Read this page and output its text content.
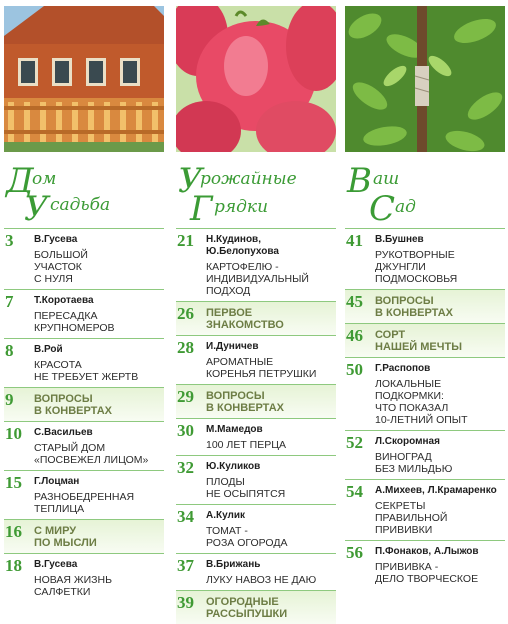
Д
ом
У садьба
3 В.Гусева
БОЛЬШОЙ
УЧАСТОК
С НУЛЯ
7 Т.Коротаева
ПЕРЕСАДКА
КРУПНОМЕРОВ
8 В.Рой
КРАСОТА
НЕ ТРЕБУЕТ ЖЕРТВ
9 ВОПРОСЫ
В КОНВЕРТАХ
10 С.Васильев
СТАРЫЙ ДОМ
«ПОСВЕЖЕЛ ЛИЦОМ»
15 Г.Лоцман
РАЗНОБЕДРЕННАЯ
ТЕПЛИЦА
16 С МИРУ
ПО МЫСЛИ
18 В.Гусева
НОВАЯ ЖИЗНЬ
САЛФЕТКИ
У
рожайные
Г рядки
21 Н.Кудинов, Ю.Белопухова
КАРТОФЕЛЮ -
ИНДИВИДУАЛЬНЫЙ
ПОДХОД
26 ПЕРВОЕ
ЗНАКОМСТВО
28 И.Дуничев
АРОМАТНЫЕ
КОРЕНЬЯ ПЕТРУШКИ
29 ВОПРОСЫ
В КОНВЕРТАХ
30 М.Мамедов
100 ЛЕТ ПЕРЦА
32 Ю.Куликов
ПЛОДЫ
НЕ ОСЫПЯТСЯ
34 А.Кулик
ТОМАТ -
РОЗА ОГОРОДА
37 В.Брижань
ЛУКУ НАВОЗ НЕ ДАЮ
39 ОГОРОДНЫЕ
РАССЫПУШКИ
В аш
С ад
41 В.Бушнев
РУКОТВОРНЫЕ
ДЖУНГЛИ
ПОДМОСКОВЬЯ
45 ВОПРОСЫ
В КОНВЕРТАХ
46 СОРТ
НАШЕЙ МЕЧТЫ
50 Г.Распопов
ЛОКАЛЬНЫЕ
ПОДКОРМКИ:
ЧТО ПОКАЗАЛ
10-ЛЕТНИЙ ОПЫТ
52 Л.Скоромная
ВИНОГРАД
БЕЗ МИЛЬДЬЮ
54 А.Михеев, Л.Крамаренко
СЕКРЕТЫ
ПРАВИЛЬНОЙ
ПРИВИВКИ
56 П.Фонаков, А.Лыжов
ПРИВИВКА -
ДЕЛО ТВОРЧЕСКОЕ
